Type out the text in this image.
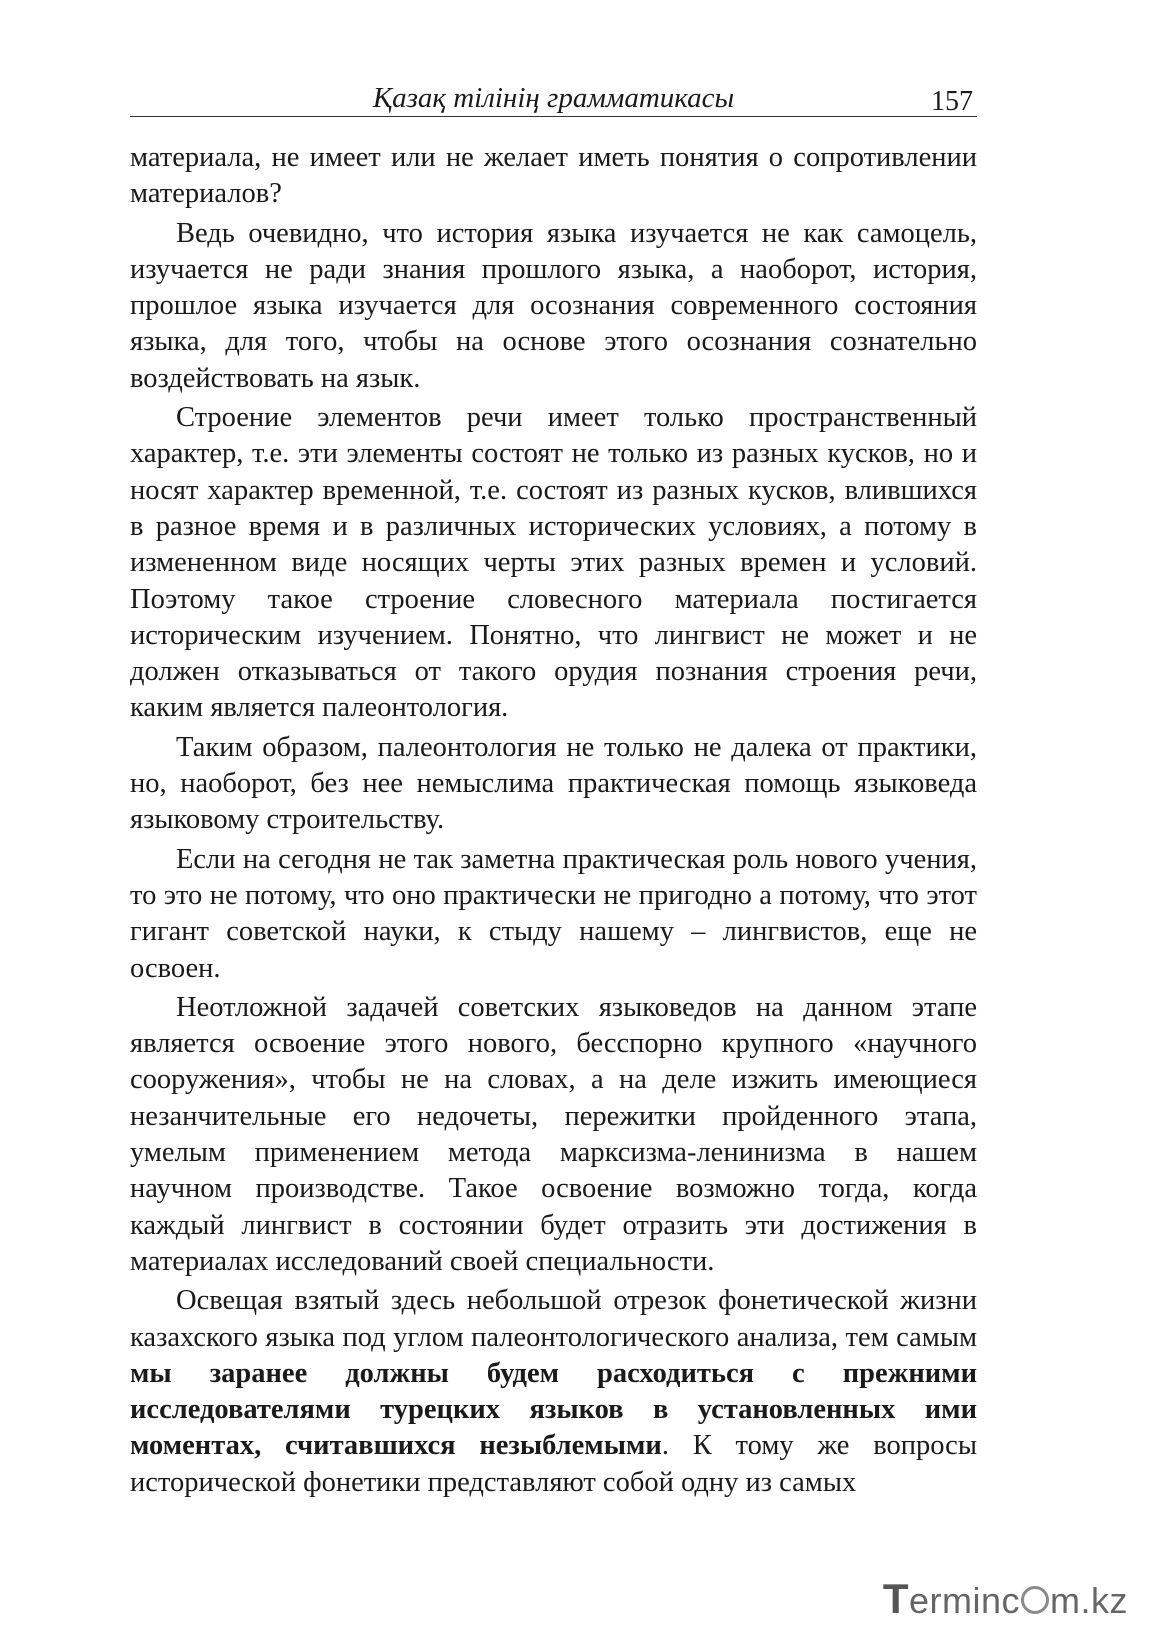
Қазақ тілінің грамматикасы	157

материала, не имеет или не желает иметь понятия о сопротивлении материалов?

Ведь очевидно, что история языка изучается не как самоцель, изучается не ради знания прошлого языка, а наоборот, история, прошлое языка изучается для осознания современного состояния языка, для того, чтобы на основе этого осознания сознательно воздействовать на язык.

Строение элементов речи имеет только пространственный характер, т.е. эти элементы состоят не только из разных кусков, но и носят характер временной, т.е. состоят из разных кусков, влившихся в разное время и в различных исторических условиях, а потому в измененном виде носящих черты этих разных времен и условий. Поэтому такое строение словесного материала постигается историческим изучением. Понятно, что лингвист не может и не должен отказываться от такого орудия познания строения речи, каким является палеонтология.

Таким образом, палеонтология не только не далека от практики, но, наоборот, без нее немыслима практическая помощь языковеда языковому строительству.

Если на сегодня не так заметна практическая роль нового учения, то это не потому, что оно практически не пригодно а потому, что этот гигант советской науки, к стыду нашему – лингвистов, еще не освоен.

Неотложной задачей советских языковедов на данном этапе является освоение этого нового, бесспорно крупного «научного сооружения», чтобы не на словах, а на деле изжить имеющиеся незанчительные его недочеты, пережитки пройденного этапа, умелым применением метода марксизма-ленинизма в нашем научном производстве. Такое освоение возможно тогда, когда каждый лингвист в состоянии будет отразить эти достижения в материалах исследований своей специальности.

Освещая взятый здесь небольшой отрезок фонетической жизни казахского языка под углом палеонтологического анализа, тем самым мы заранее должны будем расходиться с прежними исследователями турецких языков в установленных ими моментах, считавшихся незыблемыми. К тому же вопросы исторической фонетики представляют собой одну из самых

Terminc m.kz
